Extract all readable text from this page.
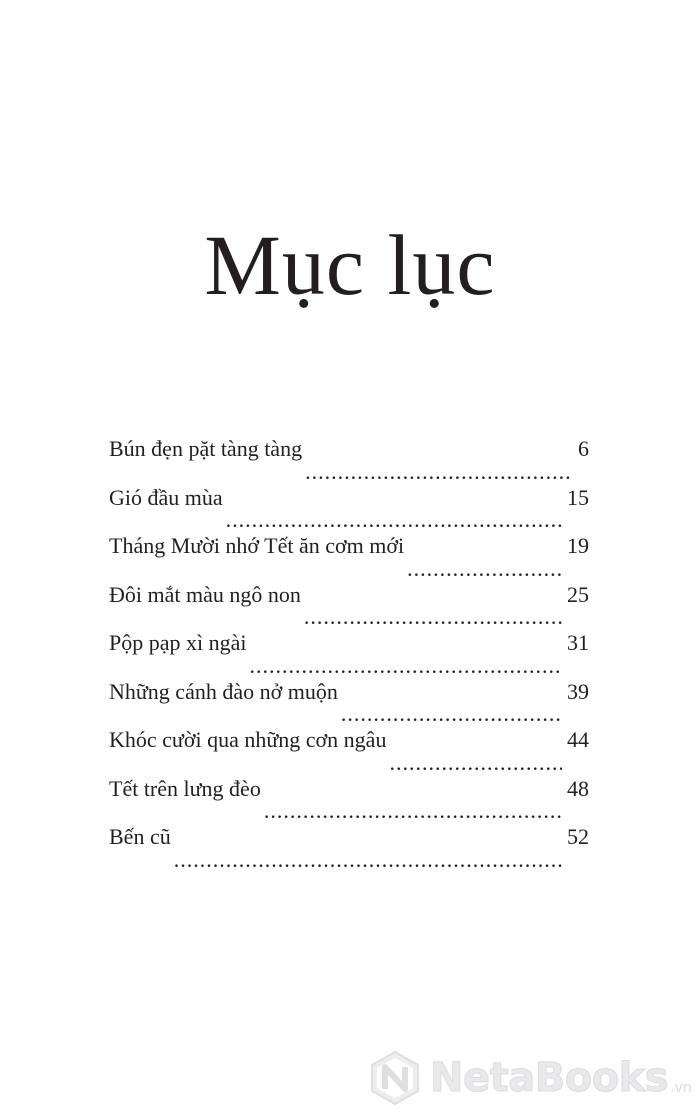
Mục lục
Bún đẹn pặt tàng tàng
.....	6
Gió đầu mùa
.....	15
Tháng Mười nhớ Tết ăn cơm mới
.....	19
Đôi mắt màu ngô non
.....	25
Pộp pạp xì ngài
.....	31
Những cánh đào nở muộn
.....	39
Khóc cười qua những cơn ngâu
.....	44
Tết trên lưng đèo
.....	48
Bến cũ
.....	52
NetaBooks .vn
